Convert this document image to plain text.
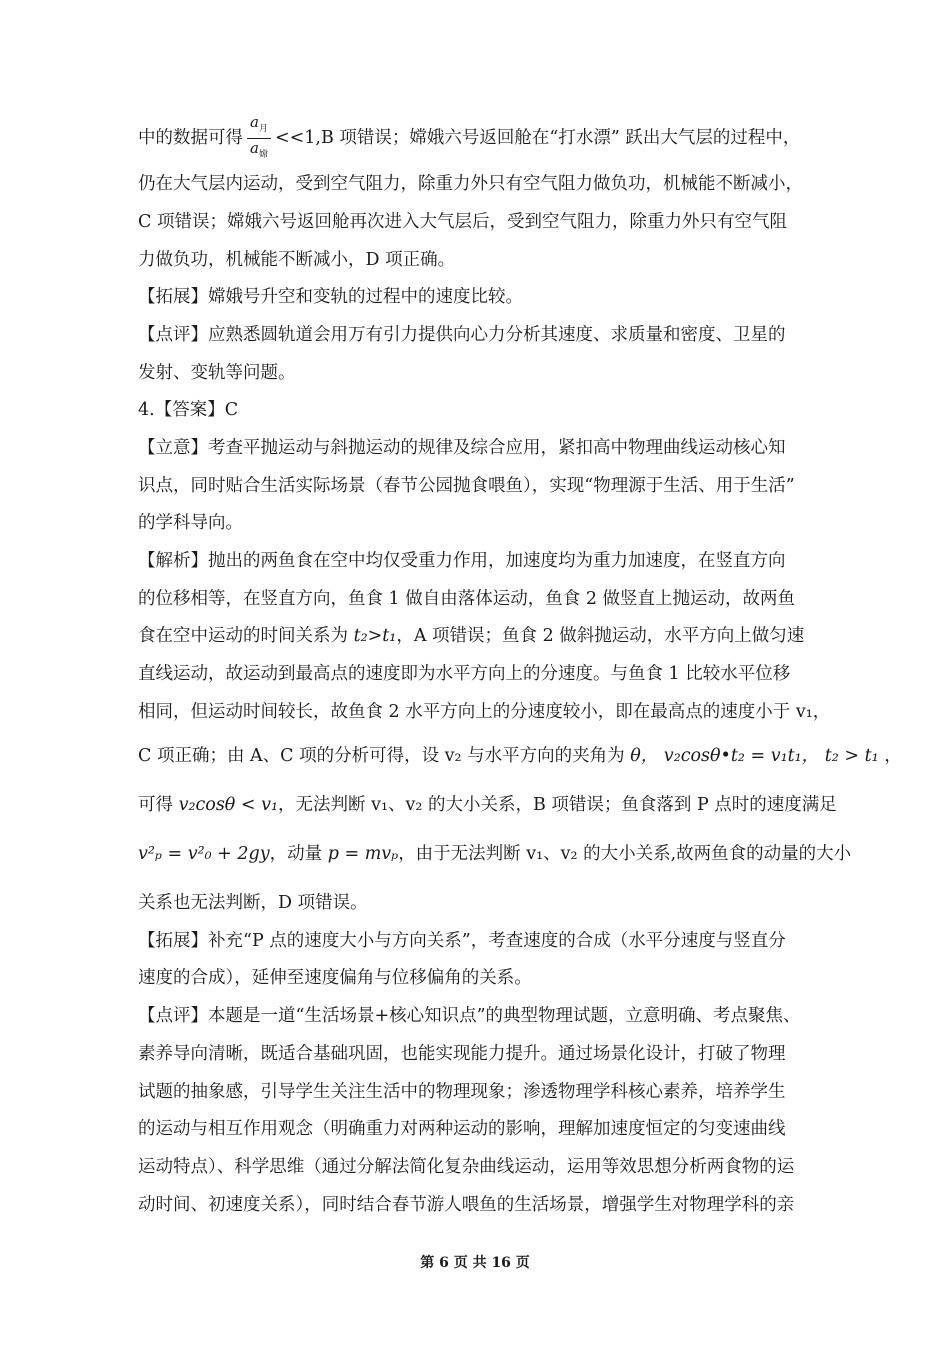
中的数据可得 $\frac{a_月}{a_嫦} <<1,B$ 项错误；嫦娥六号返回舱在“打水漂” 跃出大气层的过程中，
仍在大气层内运动，受到空气阻力，除重力外只有空气阻力做负功，机械能不断减小，
C 项错误；嫦娥六号返回舱再次进入大气层后，受到空气阻力，除重力外只有空气阻
力做负功，机械能不断减小，D 项正确。
【拓展】嫦娥号升空和变轨的过程中的速度比较。
【点评】应熟悉圆轨道会用万有引力提供向心力分析其速度、求质量和密度、卫星的
发射、变轨等问题。
4.【答案】C
【立意】考查平抛运动与斜抛运动的规律及综合应用，紧扣高中物理曲线运动核心知
识点，同时贴合生活实际场景（春节公园抛食喂鱼），实现“物理源于生活、用于生活”
的学科导向。
【解析】抛出的两鱼食在空中均仅受重力作用，加速度均为重力加速度，在竖直方向
的位移相等，在竖直方向，鱼食 1 做自由落体运动，鱼食 2 做竖直上抛运动，故两鱼
食在空中运动的时间关系为 t₂>t₁，A 项错误；鱼食 2 做斜抛运动，水平方向上做匀速
直线运动，故运动到最高点的速度即为水平方向上的分速度。与鱼食 1 比较水平位移
相同，但运动时间较长，故鱼食 2 水平方向上的分速度较小，即在最高点的速度小于 v₁，
C 项正确；由 A、C 项的分析可得，设 v₂ 与水平方向的夹角为 θ， v₂cosθ•t₂ = v₁t₁， t₂ > t₁ ，
可得 v₂cosθ < v₁，无法判断 v₁、v₂ 的大小关系，B 项错误；鱼食落到 P 点时的速度满足
v²ₚ = v²₀ + 2gy，动量 p = mvₚ，由于无法判断 v₁、v₂ 的大小关系,故两鱼食的动量的大小
关系也无法判断，D 项错误。
【拓展】补充“P 点的速度大小与方向关系”，考查速度的合成（水平分速度与竖直分
速度的合成），延伸至速度偏角与位移偏角的关系。
【点评】本题是一道“生活场景+核心知识点”的典型物理试题，立意明确、考点聚焦、
素养导向清晰，既适合基础巩固，也能实现能力提升。通过场景化设计，打破了物理
试题的抽象感，引导学生关注生活中的物理现象；渗透物理学科核心素养，培养学生
的运动与相互作用观念（明确重力对两种运动的影响，理解加速度恒定的匀变速曲线
运动特点）、科学思维（通过分解法简化复杂曲线运动，运用等效思想分析两食物的运
动时间、初速度关系），同时结合春节游人喂鱼的生活场景，增强学生对物理学科的亲
第 6 页 共 16 页
